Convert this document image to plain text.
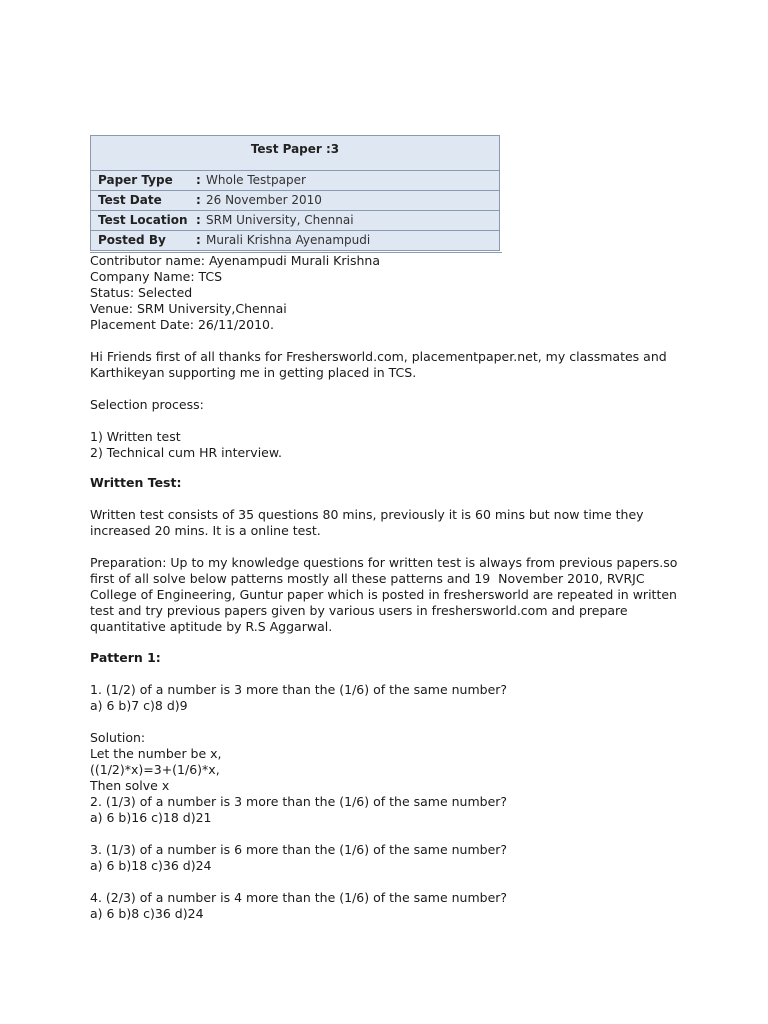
Test Paper :3
Paper Type	: Whole Testpaper
Test Date	: 26 November 2010
Test Location : SRM University, Chennai
Posted By	: Murali Krishna Ayenampudi

Contributor name: Ayenampudi Murali Krishna

Company Name: TCS

Status: Selected

Venue: SRM University,Chennai

Placement Date: 26/11/2010.

Hi Friends first of all thanks for Freshersworld.com, placementpaper.net, my classmates and Karthikeyan supporting me in getting placed in TCS.

Selection process:

1) Written test

2) Technical cum HR interview.

Written Test:

Written test consists of 35 questions 80 mins, previously it is 60 mins but now time they increased 20 mins. It is a online test.

Preparation: Up to my knowledge questions for written test is always from previous papers.so first of all solve below patterns mostly all these patterns and 19  November 2010, RVRJC College of Engineering, Guntur paper which is posted in freshersworld are repeated in written test and try previous papers given by various users in freshersworld.com and prepare quantitative aptitude by R.S Aggarwal.

Pattern 1:

1. (1/2) of a number is 3 more than the (1/6) of the same number?

a) 6 b)7 c)8 d)9

Solution:

Let the number be x,

((1/2)*x)=3+(1/6)*x,

Then solve x

2. (1/3) of a number is 3 more than the (1/6) of the same number?

a) 6 b)16 c)18 d)21

3. (1/3) of a number is 6 more than the (1/6) of the same number?

a) 6 b)18 c)36 d)24

4. (2/3) of a number is 4 more than the (1/6) of the same number?

a) 6 b)8 c)36 d)24
